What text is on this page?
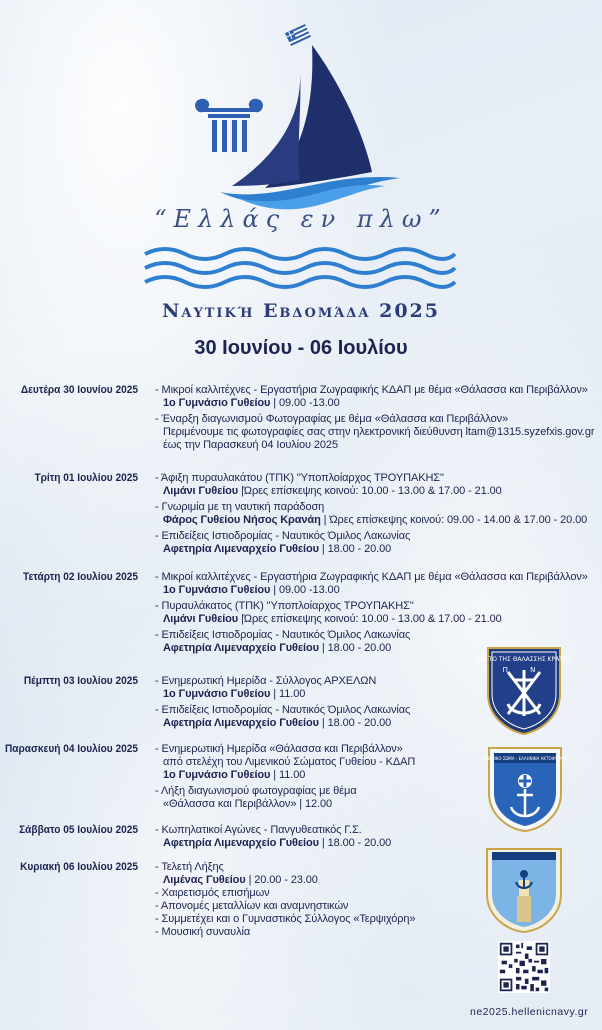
“Ελλάς εν πλω”
Ναυτική Εβδομάδα 2025
30 Ιουνίου - 06 Ιουλίου
Δευτέρα 30 Ιουνίου 2025 - Μικροί καλλιτέχνες - Εργαστήρια Ζωγραφικής ΚΔΑΠ με θέμα «Θάλασσα και Περιβάλλον»
1ο Γυμνάσιο Γυθείου | 09.00 -13.00
- Έναρξη διαγωνισμού Φωτογραφίας με θέμα «Θάλασσα και Περιβάλλον»
Περιμένουμε τις φωτογραφίες σας στην ηλεκτρονική διεύθυνση ltam@1315.syzefxis.gov.gr
έως την Παρασκευή 04 Ιουλίου 2025
Τρίτη 01 Ιουλίου 2025 - Άφιξη πυραυλακάτου (ΤΠΚ) "Υποπλοίαρχος ΤΡΟΥΠΑΚΗΣ"
Λιμάνι Γυθείου |Ώρες επίσκεψης κοινού: 10.00 - 13.00 & 17.00 - 21.00
- Γνωριμία με τη ναυτική παράδοση
Φάρος Γυθείου Νήσος Κρανάη | Ώρες επίσκεψης κοινού: 09.00 - 14.00 & 17.00 - 20.00
- Επιδείξεις Ιστιοδρομίας - Ναυτικός Όμιλος Λακωνίας
Αφετηρία Λιμεναρχείο Γυθείου | 18.00 - 20.00
Τετάρτη 02 Ιουλίου 2025 - Μικροί καλλιτέχνες - Εργαστήρια Ζωγραφικής ΚΔΑΠ με θέμα «Θάλασσα και Περιβάλλον»
1ο Γυμνάσιο Γυθείου | 09.00 -13.00
- Πυραυλάκατος (ΤΠΚ) "Υποπλοίαρχος ΤΡΟΥΠΑΚΗΣ"
Λιμάνι Γυθείου |Ώρες επίσκεψης κοινού: 10.00 - 13.00 & 17.00 - 21.00
- Επιδείξεις Ιστιοδρομίας - Ναυτικός Όμιλος Λακωνίας
Αφετηρία Λιμεναρχείο Γυθείου | 18.00 - 20.00
Πέμπτη 03 Ιουλίου 2025 - Ενημερωτική Ημερίδα - Σύλλογος ΑΡΧΕΛΩΝ
1ο Γυμνάσιο Γυθείου | 11.00
- Επιδείξεις Ιστιοδρομίας - Ναυτικός Όμιλος Λακωνίας
Αφετηρία Λιμεναρχείο Γυθείου | 18.00 - 20.00
Παρασκευή 04 Ιουλίου 2025 - Ενημερωτική Ημερίδα «Θάλασσα και Περιβάλλον»
από στελέχη του Λιμενικού Σώματος Γυθείου - ΚΔΑΠ
1ο Γυμνάσιο Γυθείου | 11.00
- Λήξη διαγωνισμού φωτογραφίας με θέμα
«Θάλασσα και Περιβάλλον» | 12.00
Σάββατο 05 Ιουλίου 2025 - Κωπηλατικοί Αγώνες - Πανγυθεατικός Γ.Σ.
Αφετηρία Λιμεναρχείο Γυθείου | 18.00 - 20.00
Κυριακή 06 Ιουλίου 2025 - Τελετή Λήξης
Λιμένας Γυθείου | 20.00 - 23.00
- Χαιρετισμός επισήμων
- Απονομές μεταλλίων και αναμνηστικών
- Συμμετέχει και ο Γυμναστικός Σύλλογος «Τερψιχόρη»
- Μουσική συναυλία
ΔΙΑ ΤΟ ΤΗΣ ΘΑΛΑΣΣΗΣ ΚΡΑΤΟΣ
Π Ν
ΛΙΜΕΝΙΚΟ ΣΩΜΑ - ΕΛΛΗΝΙΚΗ ΑΚΤΟΦΥΛΑΚΗ
ne2025.hellenicnavy.gr
